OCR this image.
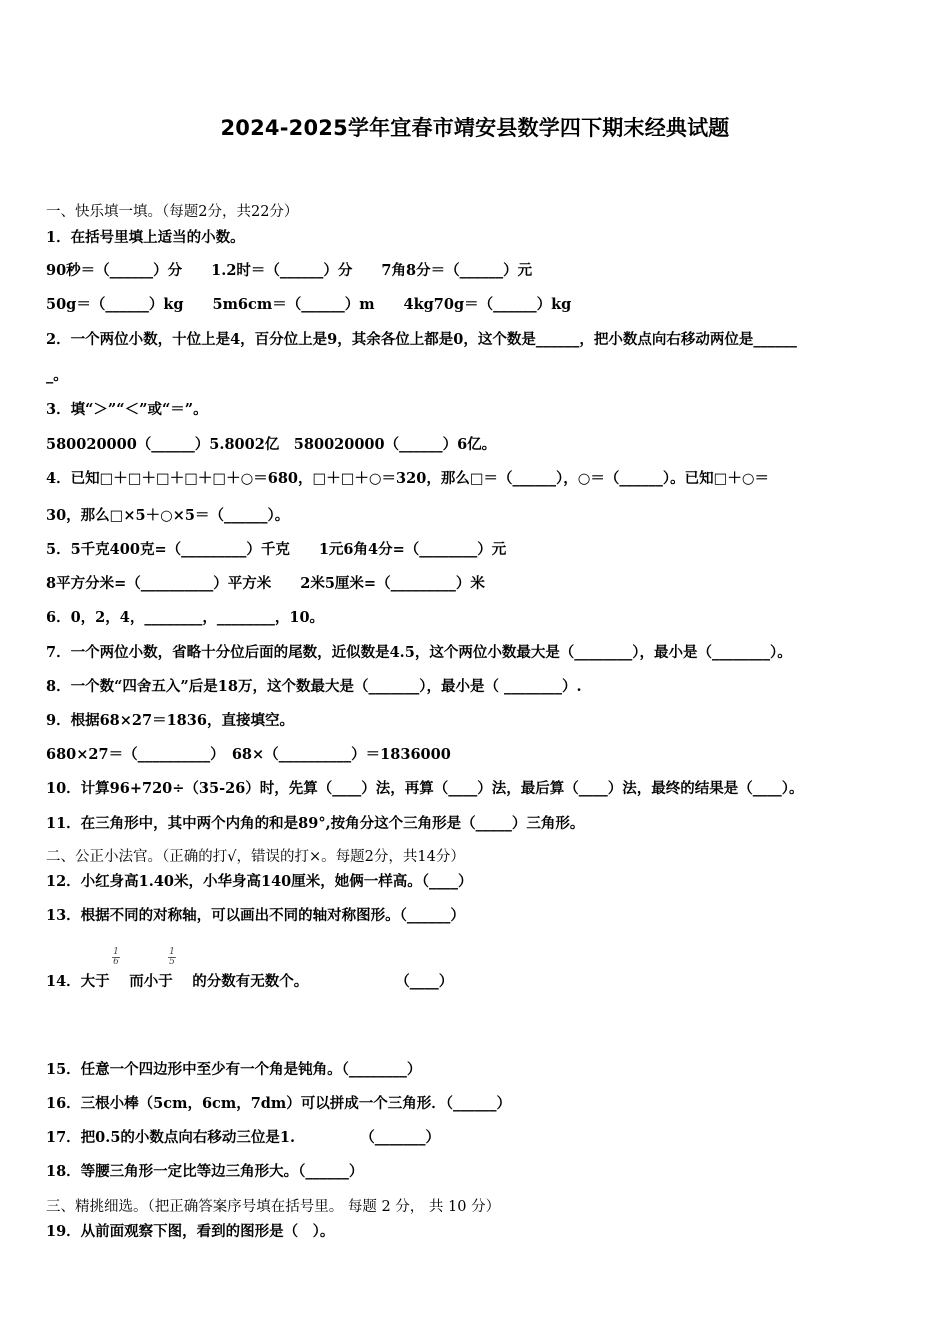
2024-2025学年宜春市靖安县数学四下期末经典试题
一、快乐填一填。（每题2分，共22分）
1．在括号里填上适当的小数。
90秒＝（______）分　　1.2时＝（______）分　　7角8分＝（______）元
50g＝（______）kg　　5m6cm＝（______）m　　4kg70g＝（______）kg
2．一个两位小数，十位上是4，百分位上是9，其余各位上都是0，这个数是______，把小数点向右移动两位是______
_。
3．填“＞”“＜”或“＝”。
580020000（______）5.8002亿　580020000（______）6亿。
4．已知□＋□＋□＋□＋□＋○＝680，□＋□＋○＝320，那么□＝（______），○＝（______）。已知□＋○＝
30，那么□×5＋○×5＝（______）。
5．5千克400克=（_________）千克　　1元6角4分=（________）元
8平方分米=（__________）平方米　　2米5厘米=（_________）米
6．0，2，4，________，________，10。
7．一个两位小数，省略十分位后面的尾数，近似数是4.5，这个两位小数最大是（________），最小是（________）。
8．一个数“四舍五入”后是18万，这个数最大是（_______），最小是（ ________）.
9．根据68×27＝1836，直接填空。
680×27＝（__________）　68×（__________）＝1836000
10．计算96+720÷（35-26）时，先算（____）法，再算（____）法，最后算（____）法，最终的结果是（____）。
11．在三角形中，其中两个内角的和是89°,按角分这个三角形是（_____）三角形。
二、公正小法官。（正确的打√，错误的打×。每题2分，共14分）
12．小红身高1.40米，小华身高140厘米，她俩一样高。（____）
13．根据不同的对称轴，可以画出不同的轴对称图形。（______）
14．大于 　而小于 　的分数有无数个。　　　　　　　（____）
$\frac{1}{6}$	$\frac{1}{5}$
15．任意一个四边形中至少有一个角是钝角。（________）
16．三根小棒（5cm，6cm，7dm）可以拼成一个三角形．（______）
17．把0.5的小数点向右移动三位是1.　　　　　（_______）
18．等腰三角形一定比等边三角形大。（______）
三、精挑细选。（把正确答案序号填在括号里。 每题 2 分， 共 10 分）
19．从前面观察下图，看到的图形是（　）。
